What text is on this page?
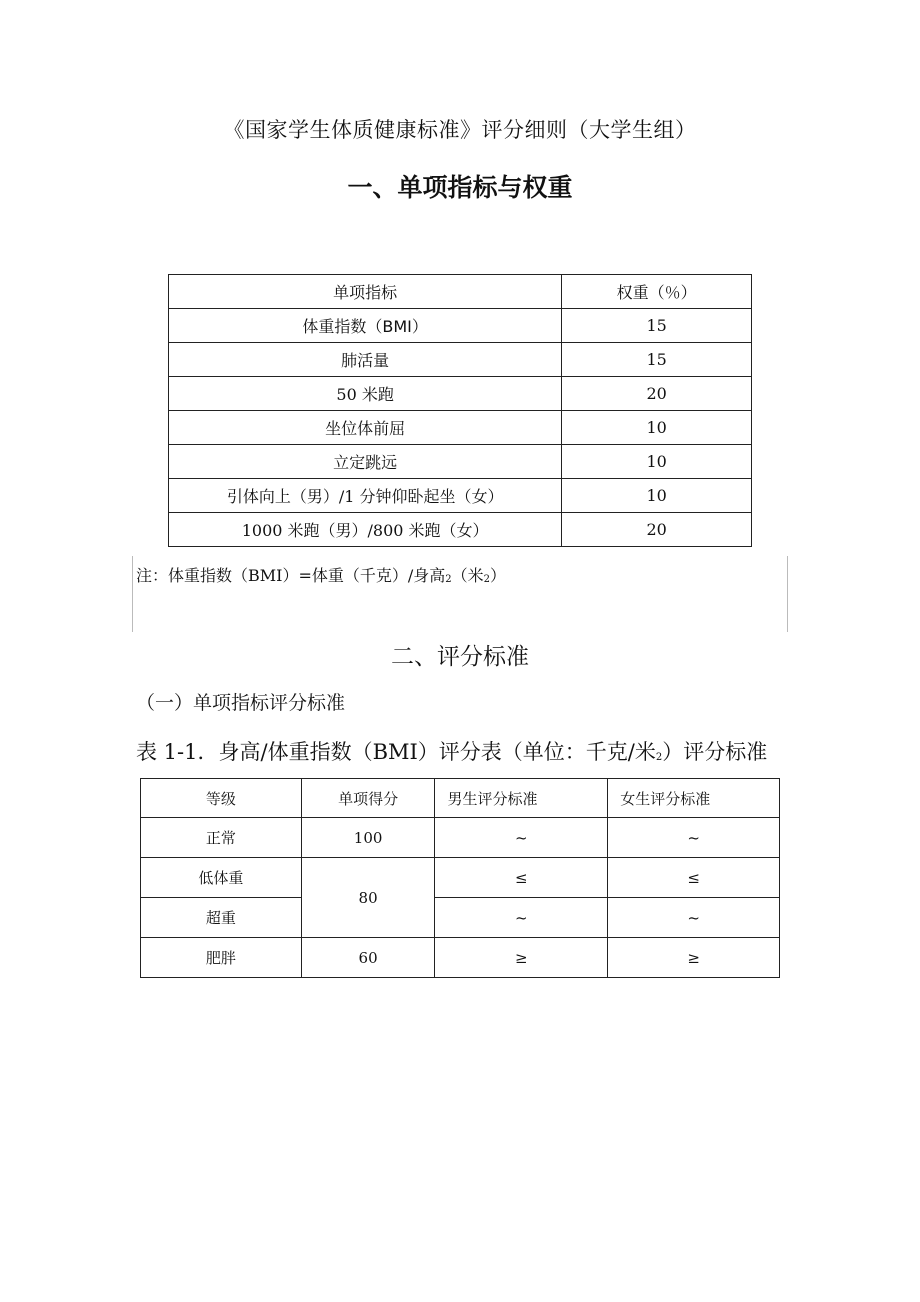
《国家学生体质健康标准》评分细则（大学生组）
一、单项指标与权重
单项指标	权重（％）
体重指数（BMI）	15
肺活量	15
50 米跑	20
坐位体前屈	10
立定跳远	10
引体向上（男）/1 分钟仰卧起坐（女）	10
1000 米跑（男）/800 米跑（女）	20
注：体重指数（BMI）=体重（千克）/身高$_2$（米$_2$）
二、评分标准
（一）单项指标评分标准
表 1-1．身高/体重指数（BMI）评分表（单位：千克/米$_2$）评分标准
等级	单项得分	男生评分标准	女生评分标准
正常	100	~	~
低体重	80	≤	≤
超重		~	~
肥胖	60	≥	≥
